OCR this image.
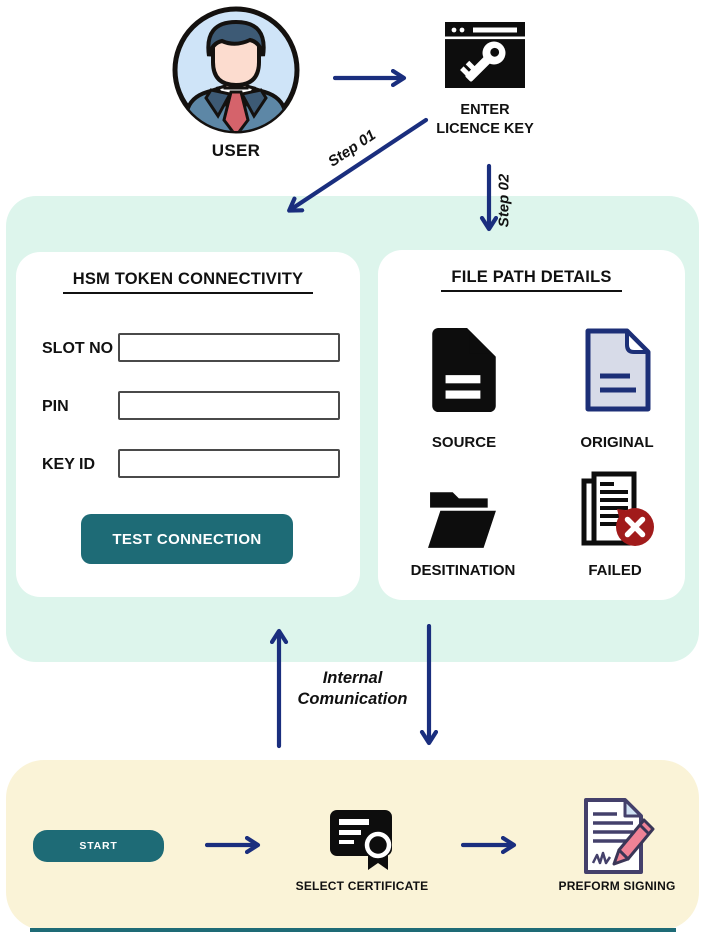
USER
ENTER
LICENCE KEY
Step 01
Step 02
HSM TOKEN CONNECTIVITY
SLOT NO
PIN
KEY ID
TEST CONNECTION
FILE PATH DETAILS
SOURCE	ORIGINAL
DESITINATION	FAILED
Internal
Comunication
START
SELECT CERTIFICATE	PREFORM SIGNING
